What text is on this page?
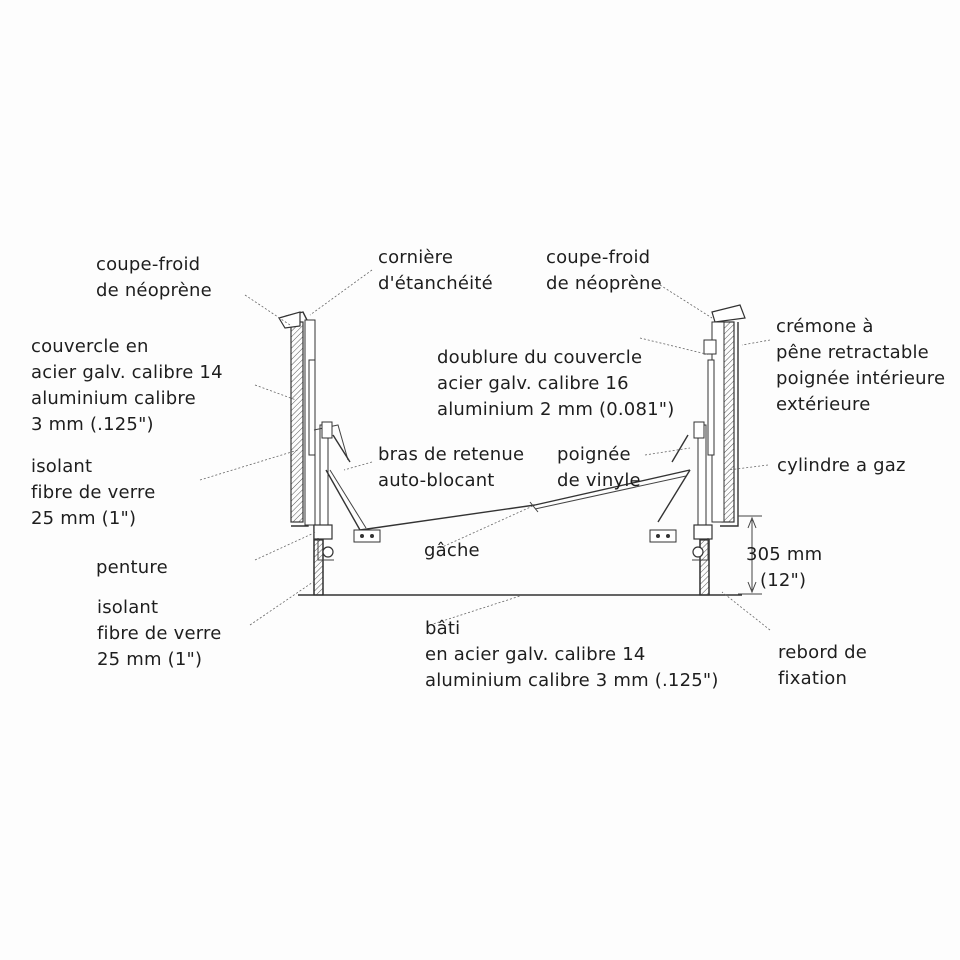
coupe-froid
de néoprène
cornière
d'étanchéité
coupe-froid
de néoprène
couvercle en
acier galv. calibre 14
aluminium calibre
3 mm (.125")
doublure du couvercle
acier galv. calibre 16
aluminium 2 mm (0.081")
crémone à
pêne retractable
poignée intérieure
extérieure
isolant
fibre de verre
25 mm (1")
bras de retenue
auto-blocant
poignée
de vinyle
cylindre a gaz
penture
gâche	305 mm
(12")
isolant
fibre de verre
25 mm (1")
bâti
en acier galv. calibre 14
aluminium calibre 3 mm (.125")
rebord de
fixation
